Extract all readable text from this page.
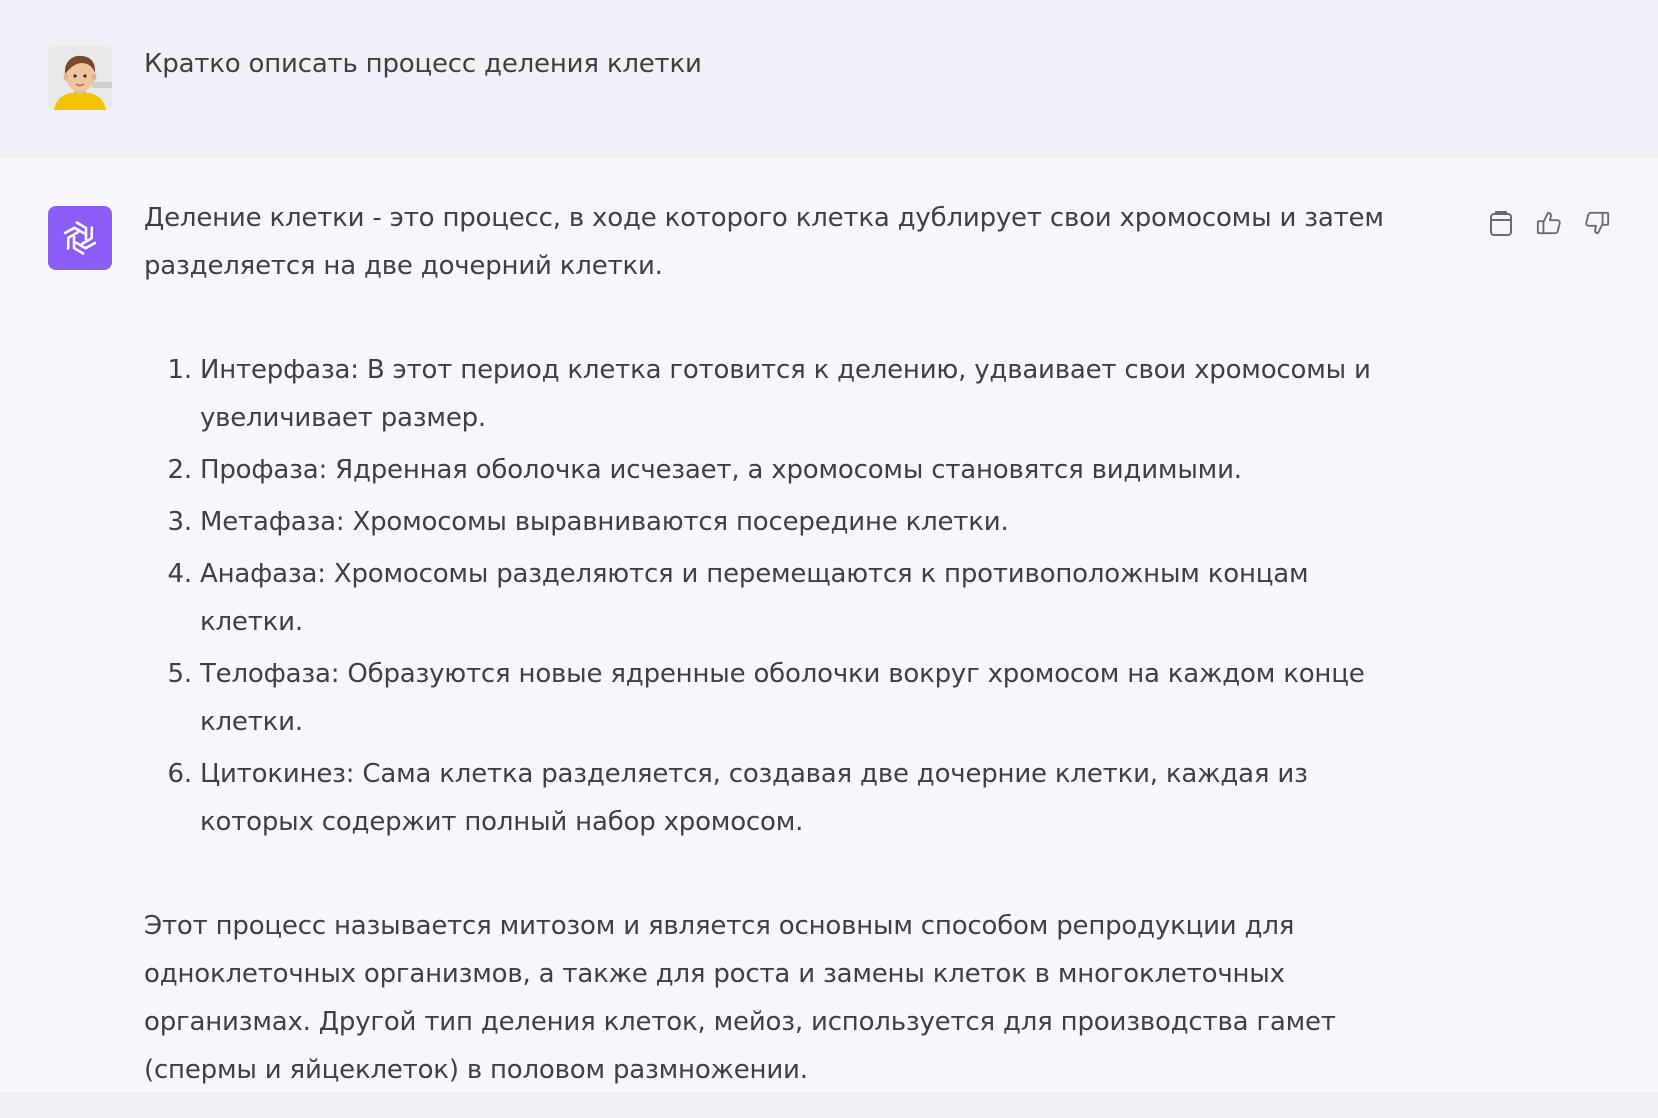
Кратко описать процесс деления клетки

Деление клетки - это процесс, в ходе которого клетка дублирует свои хромосомы и затем разделяется на две дочерний клетки.

1. Интерфаза: В этот период клетка готовится к делению, удваивает свои хромосомы и увеличивает размер.
2. Профаза: Ядренная оболочка исчезает, а хромосомы становятся видимыми.
3. Метафаза: Хромосомы выравниваются посередине клетки.
4. Анафаза: Хромосомы разделяются и перемещаются к противоположным концам клетки.
5. Телофаза: Образуются новые ядренные оболочки вокруг хромосом на каждом конце клетки.
6. Цитокинез: Сама клетка разделяется, создавая две дочерние клетки, каждая из которых содержит полный набор хромосом.

Этот процесс называется митозом и является основным способом репродукции для одноклеточных организмов, а также для роста и замены клеток в многоклеточных организмах. Другой тип деления клеток, мейоз, используется для производства гамет (спермы и яйцеклеток) в половом размножении.
